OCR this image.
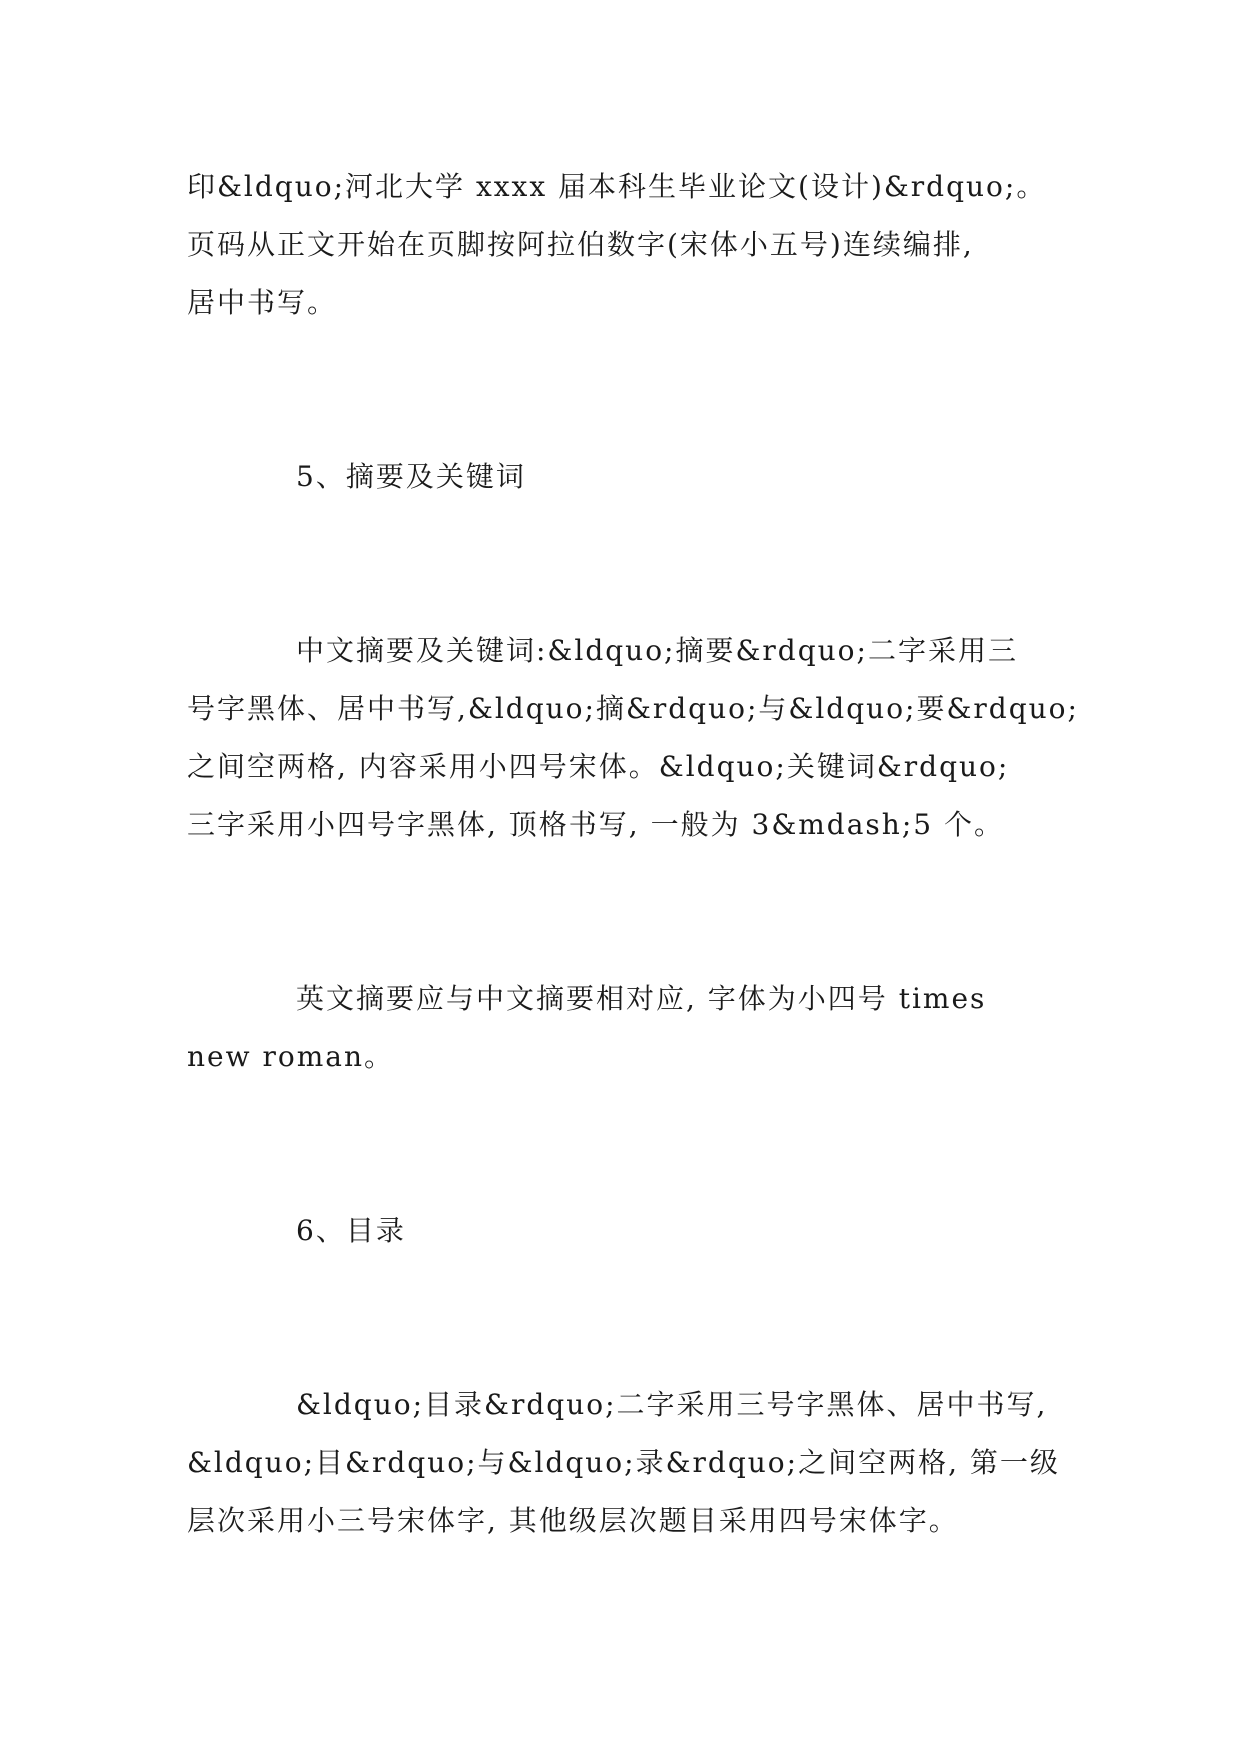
印&ldquo;河北大学 xxxx 届本科生毕业论文(设计)&rdquo;。
页码从正文开始在页脚按阿拉伯数字(宋体小五号)连续编排,
居中书写。
5、摘要及关键词
中文摘要及关键词:&ldquo;摘要&rdquo;二字采用三
号字黑体、居中书写,&ldquo;摘&rdquo;与&ldquo;要&rdquo;
之间空两格, 内容采用小四号宋体。&ldquo;关键词&rdquo;
三字采用小四号字黑体, 顶格书写, 一般为 3&mdash;5 个。
英文摘要应与中文摘要相对应, 字体为小四号 times
new roman。
6、目录
&ldquo;目录&rdquo;二字采用三号字黑体、居中书写,
&ldquo;目&rdquo;与&ldquo;录&rdquo;之间空两格, 第一级
层次采用小三号宋体字, 其他级层次题目采用四号宋体字。
